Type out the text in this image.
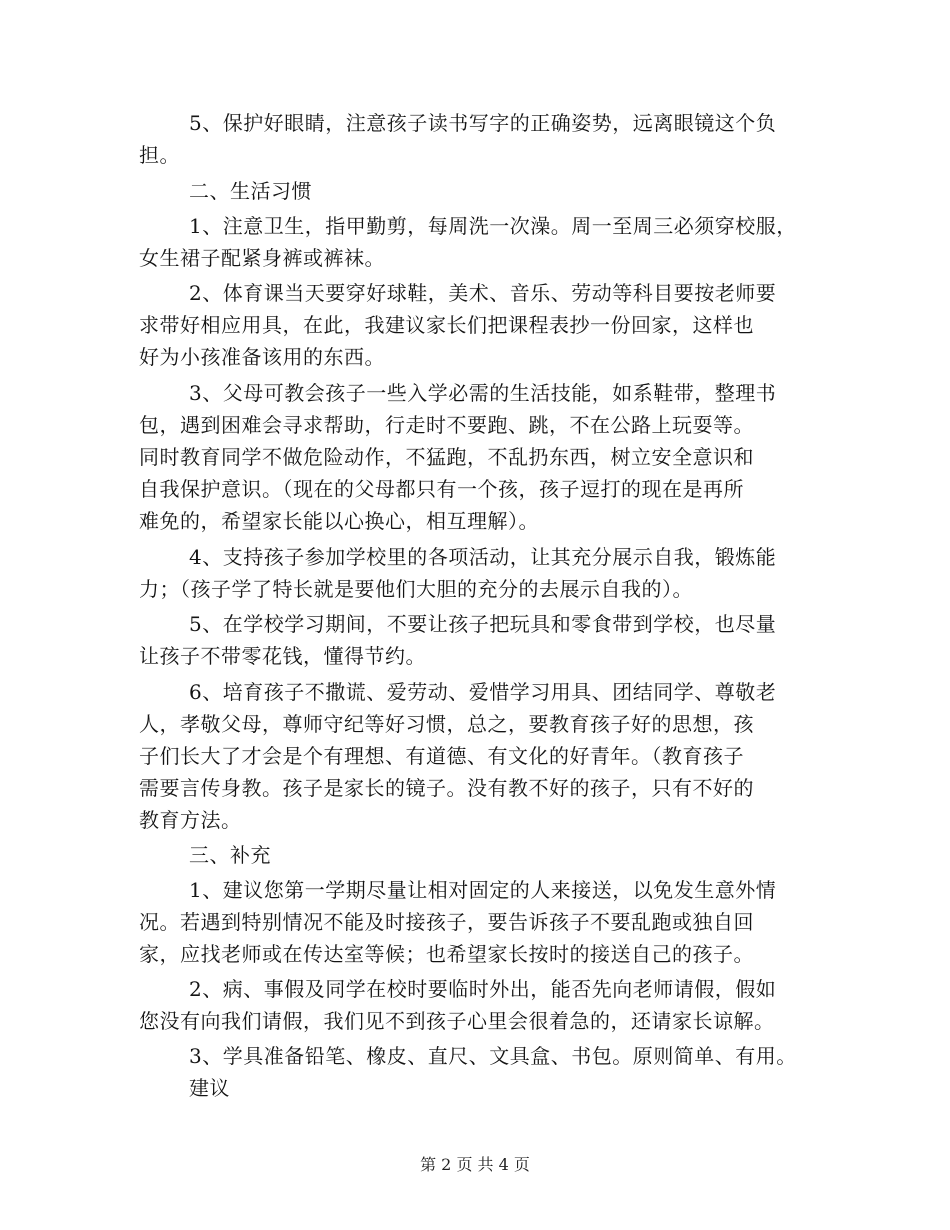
5、保护好眼睛，注意孩子读书写字的正确姿势，远离眼镜这个负
担。
二、生活习惯
1、注意卫生，指甲勤剪，每周洗一次澡。周一至周三必须穿校服，
女生裙子配紧身裤或裤袜。
2、体育课当天要穿好球鞋，美术、音乐、劳动等科目要按老师要
求带好相应用具，在此，我建议家长们把课程表抄一份回家，这样也
好为小孩准备该用的东西。
3、父母可教会孩子一些入学必需的生活技能，如系鞋带，整理书
包，遇到困难会寻求帮助，行走时不要跑、跳，不在公路上玩耍等。
同时教育同学不做危险动作，不猛跑，不乱扔东西，树立安全意识和
自我保护意识。（现在的父母都只有一个孩，孩子逗打的现在是再所
难免的，希望家长能以心换心，相互理解）。
4、支持孩子参加学校里的各项活动，让其充分展示自我，锻炼能
力；（孩子学了特长就是要他们大胆的充分的去展示自我的）。
5、在学校学习期间，不要让孩子把玩具和零食带到学校，也尽量
让孩子不带零花钱，懂得节约。
6、培育孩子不撒谎、爱劳动、爱惜学习用具、团结同学、尊敬老
人，孝敬父母，尊师守纪等好习惯，总之，要教育孩子好的思想，孩
子们长大了才会是个有理想、有道德、有文化的好青年。（教育孩子
需要言传身教。孩子是家长的镜子。没有教不好的孩子，只有不好的
教育方法。
三、补充
1、建议您第一学期尽量让相对固定的人来接送，以免发生意外情
况。若遇到特别情况不能及时接孩子，要告诉孩子不要乱跑或独自回
家，应找老师或在传达室等候；也希望家长按时的接送自己的孩子。
2、病、事假及同学在校时要临时外出，能否先向老师请假，假如
您没有向我们请假，我们见不到孩子心里会很着急的，还请家长谅解。
3、学具准备铅笔、橡皮、直尺、文具盒、书包。原则简单、有用。
建议
第 2 页 共 4 页
